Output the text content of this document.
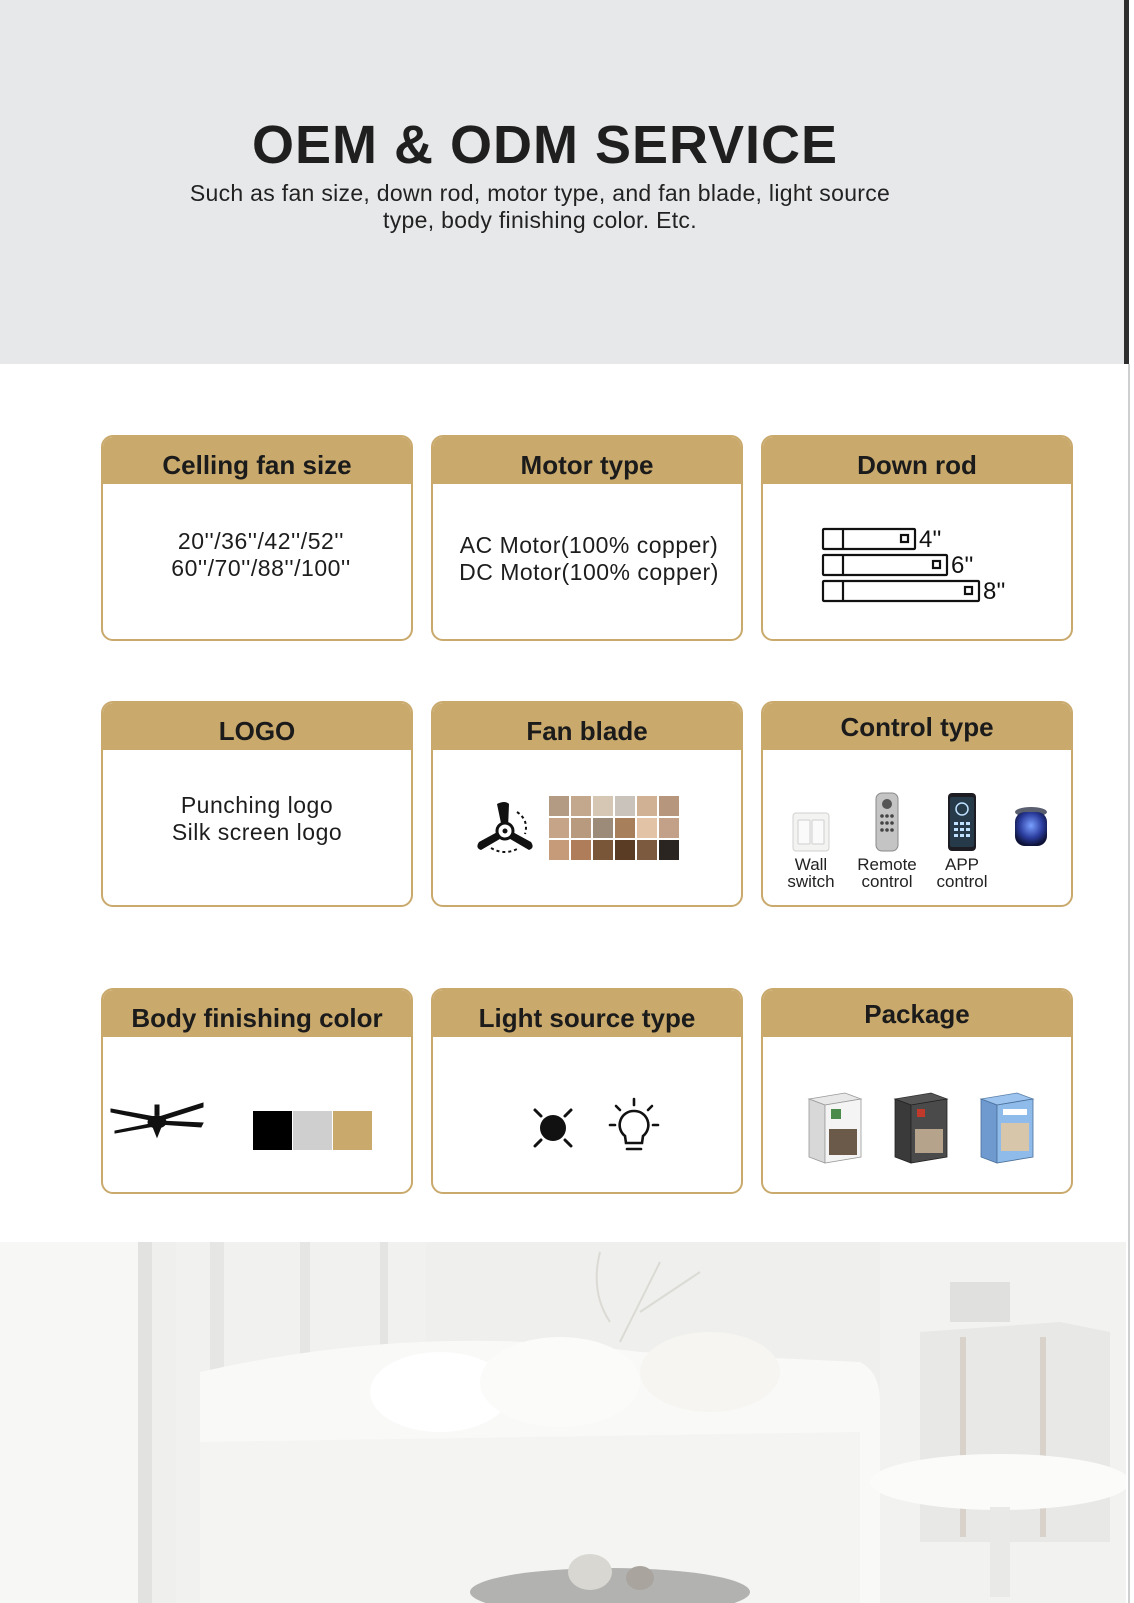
OEM & ODM SERVICE
Such as fan size, down rod, motor type, and fan blade, light source
type, body finishing color. Etc.
Celling fan size
20''/36''/42''/52''
60''/70''/88''/100''
Motor type
AC Motor(100% copper)
DC Motor(100% copper)
Down rod
4''
6''
8''
LOGO
Punching logo
Silk screen logo
Fan blade	Control type
Wall
switch
Remote
control
APP
control
Body finishing color	Light source type	Package
